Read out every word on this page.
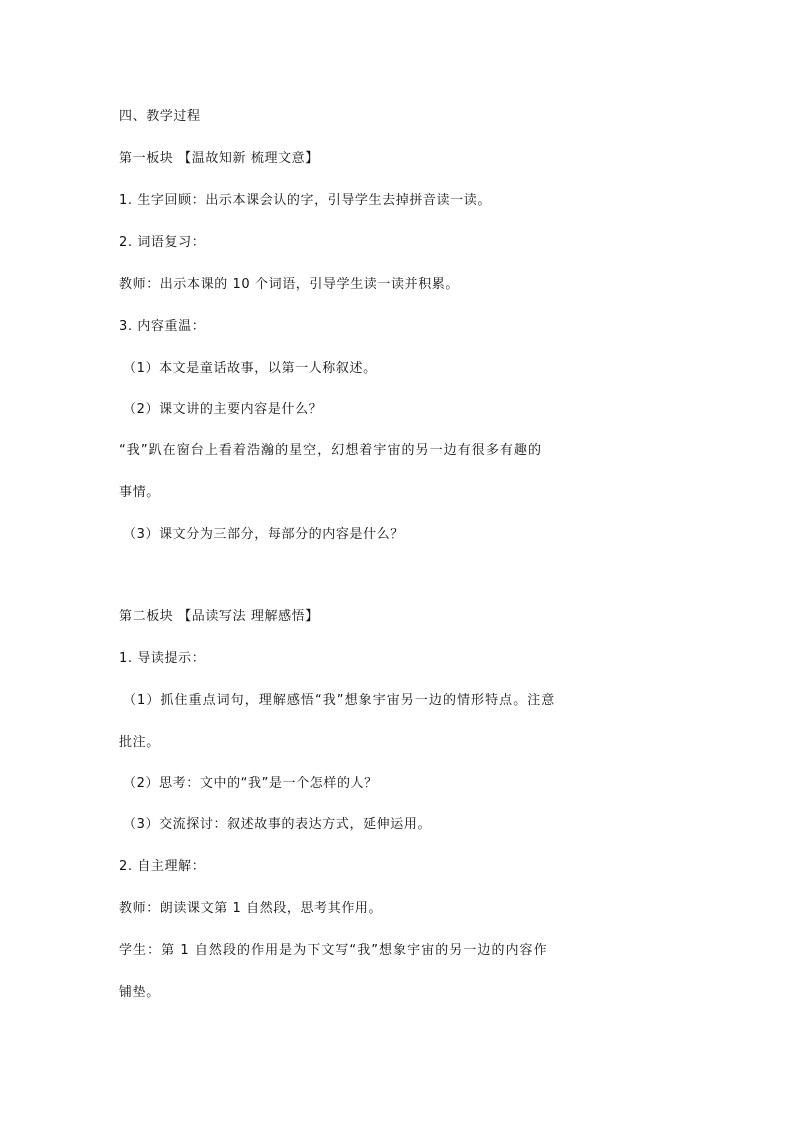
四、教学过程
第一板块 【温故知新 梳理文意】
1. 生字回顾：出示本课会认的字，引导学生去掉拼音读一读。
2. 词语复习：
教师：出示本课的 10 个词语，引导学生读一读并积累。
3. 内容重温：
（1）本文是童话故事，以第一人称叙述。
（2）课文讲的主要内容是什么？
“我”趴在窗台上看着浩瀚的星空，幻想着宇宙的另一边有很多有趣的
事情。
（3）课文分为三部分，每部分的内容是什么？
第二板块 【品读写法 理解感悟】
1. 导读提示：
（1）抓住重点词句，理解感悟“我”想象宇宙另一边的情形特点。注意
批注。
（2）思考：文中的“我”是一个怎样的人？
（3）交流探讨：叙述故事的表达方式，延伸运用。
2. 自主理解：
教师：朗读课文第 1 自然段，思考其作用。
学生：第 1 自然段的作用是为下文写“我”想象宇宙的另一边的内容作
铺垫。
